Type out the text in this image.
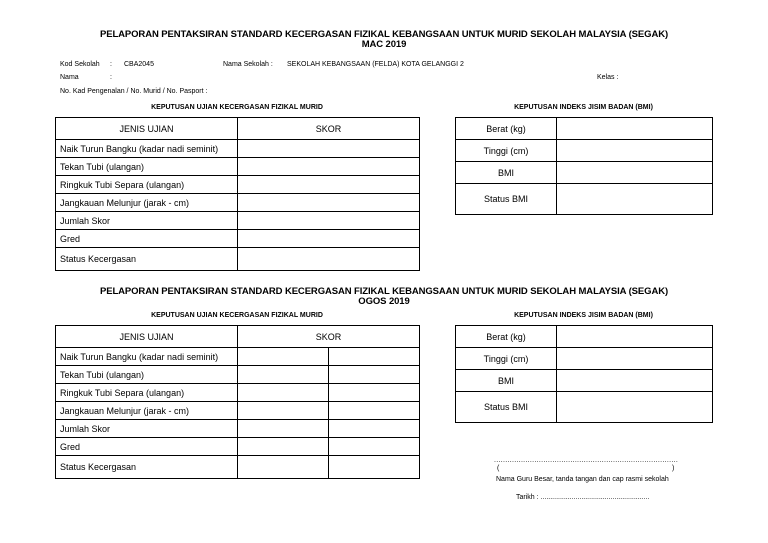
PELAPORAN PENTAKSIRAN STANDARD KECERGASAN FIZIKAL KEBANGSAAN UNTUK MURID SEKOLAH MALAYSIA (SEGAK)
MAC 2019
Kod Sekolah : CBA2045	Nama Sekolah : SEKOLAH KEBANGSAAN (FELDA) KOTA GELANGGI 2
Nama	:	Kelas :
No. Kad Pengenalan / No. Murid / No. Pasport :
KEPUTUSAN UJIAN KECERGASAN FIZIKAL MURID	KEPUTUSAN INDEKS JISIM BADAN (BMI)
JENIS UJIAN	SKOR
Naik Turun Bangku (kadar nadi seminit)	
Tekan Tubi (ulangan)	
Ringkuk Tubi Separa (ulangan)	
Jangkauan Melunjur (jarak - cm)	
Jumlah Skor	
Gred	
Status Kecergasan	
Berat (kg)	
Tinggi (cm)	
BMI	
Status BMI	
PELAPORAN PENTAKSIRAN STANDARD KECERGASAN FIZIKAL KEBANGSAAN UNTUK MURID SEKOLAH MALAYSIA (SEGAK)
OGOS 2019
KEPUTUSAN UJIAN KECERGASAN FIZIKAL MURID	KEPUTUSAN INDEKS JISIM BADAN (BMI)
JENIS UJIAN	SKOR	
Naik Turun Bangku (kadar nadi seminit)		
Tekan Tubi (ulangan)		
Ringkuk Tubi Separa (ulangan)		
Jangkauan Melunjur (jarak - cm)		
Jumlah Skor		
Gred		
Status Kecergasan		
Berat (kg)	
Tinggi (cm)	
BMI	
Status BMI	
..................................................................................
(	)
Nama Guru Besar, tanda tangan dan cap rasmi sekolah
Tarikh : ........................................................
